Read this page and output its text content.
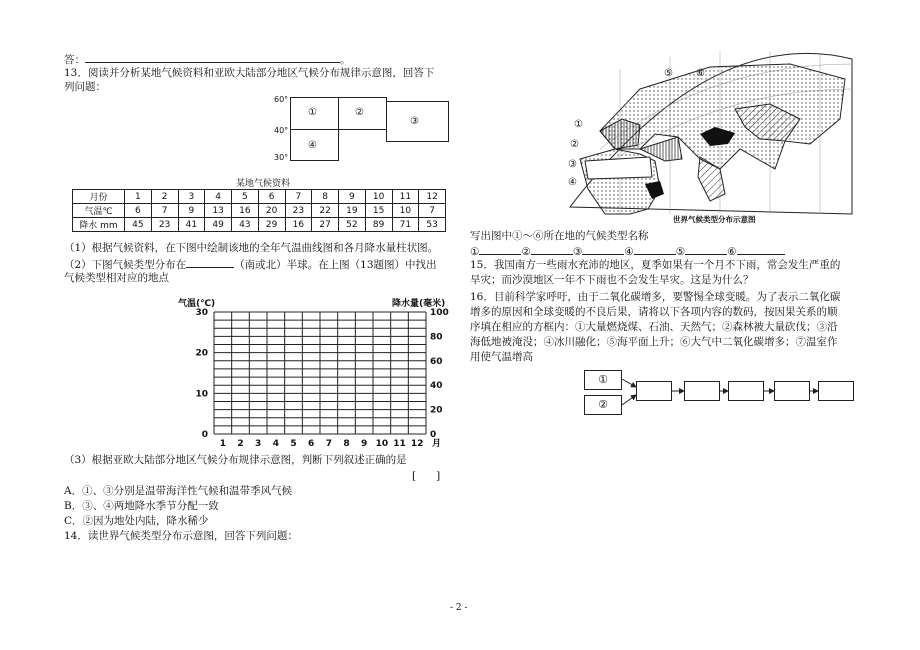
答：	。
13．阅读并分析某地气候资料和亚欧大陆部分地区气候分布规律示意图，回答下
列问题：
60°
40°
30°
①	②
③
④
某地气候资料
月份	1	2	3	4	5	6	7	8	9	10	11	12
气温℃	6	7	9	13	16	20	23	22	19	15	10	7
降水 mm	45	23	41	49	43	29	16	27	52	89	71	53
（1）根据气候资料，在下图中绘制该地的全年气温曲线图和各月降水量柱状图。
（2）下图气候类型分布在	（南或北）半球。在上图（13题图）中找出
气候类型相对应的地点
气温(℃)	降水量(毫米)
30
20
10
0
100
80
60
40
20
0
1 2 3 4 5 6 7 8 9 10 11 12 月
（3）根据亚欧大陆部分地区气候分布规律示意图，判断下列叙述正确的是
[      ]
A．①、③分别是温带海洋性气候和温带季风气候
B．③、④两地降水季节分配一致
C．②因为地处内陆，降水稀少
14．读世界气候类型分布示意图，回答下列问题：
⑤ ⑥
①
②
③
④
世界气候类型分布示意图
写出图中①～⑥所在地的气候类型名称
①	②	③	④	⑤	⑥
15．我国南方一些雨水充沛的地区，夏季如果有一个月不下雨，常会发生严重的
旱灾；而沙漠地区一年不下雨也不会发生旱灾。这是为什么？
16．目前科学家呼吁，由于二氧化碳增多，要警惕全球变暖。为了表示二氧化碳
增多的原因和全球变暖的不良后果，请将以下各项内容的数码，按因果关系的顺
序填在相应的方框内：①大量燃烧煤、石油、天然气；②森林被大量砍伐；③沿
海低地被淹没；④冰川融化；⑤海平面上升；⑥大气中二氧化碳增多；⑦温室作
用使气温增高
①
②
- 2 -
